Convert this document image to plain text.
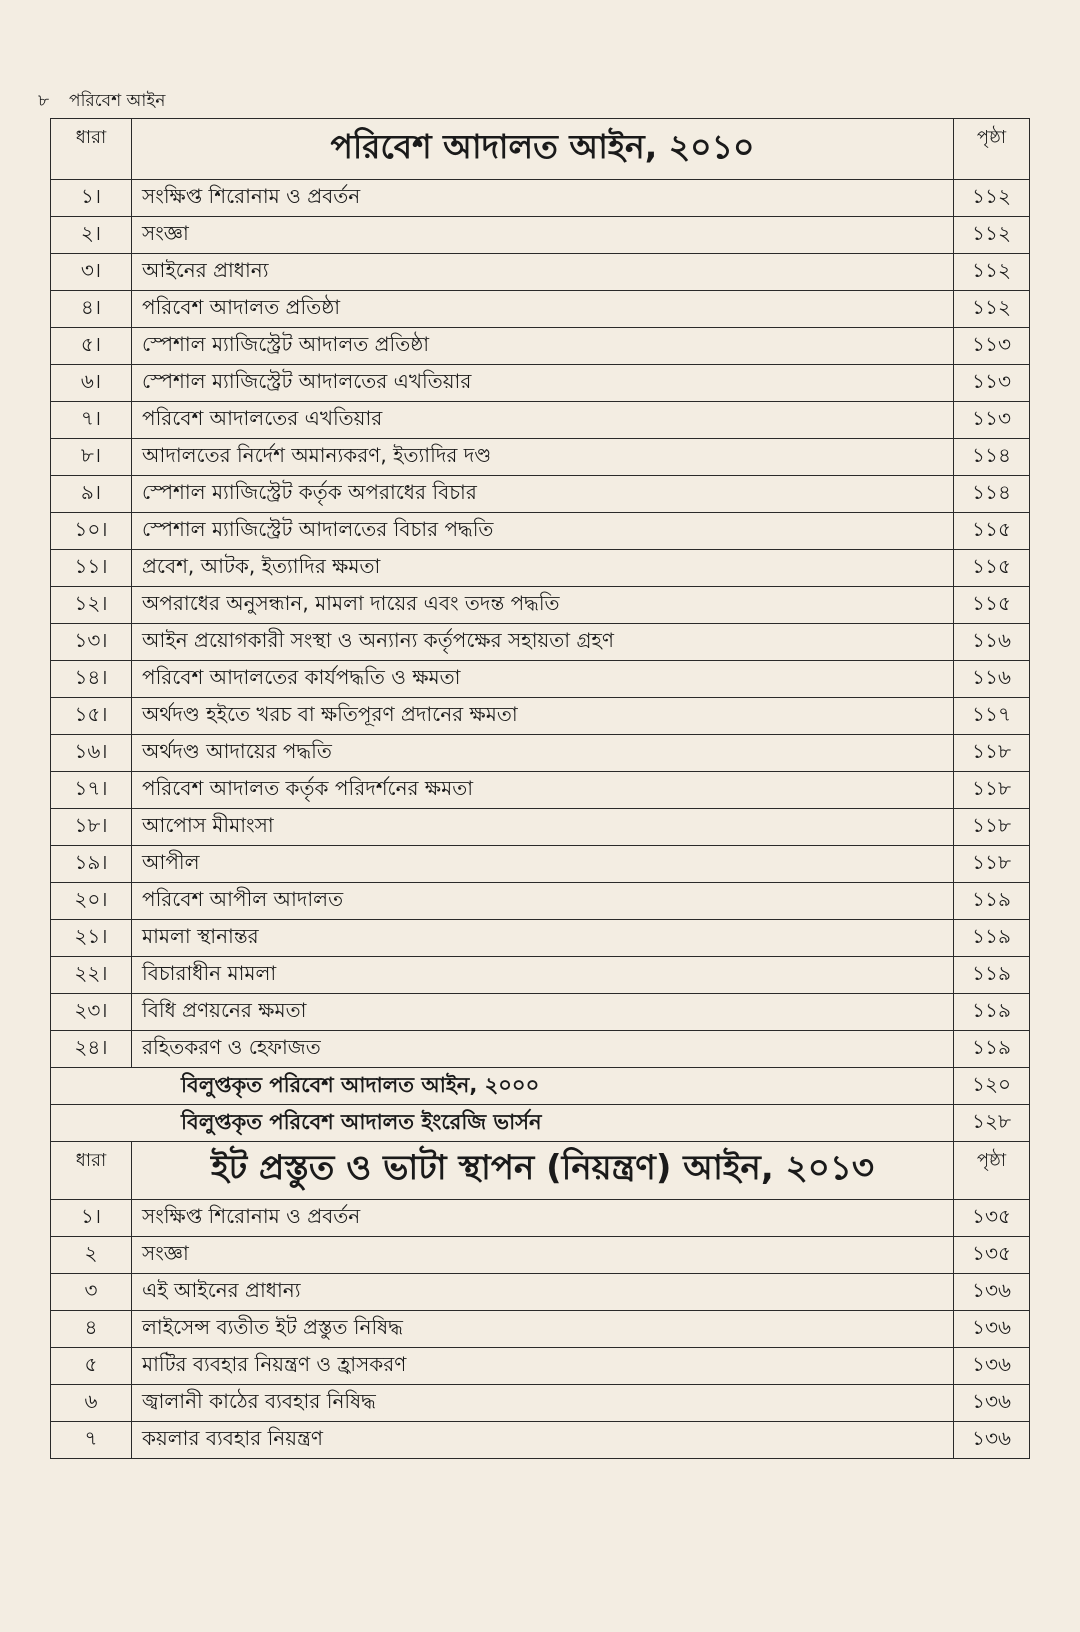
৮ পরিবেশ আইন
ধারা	পরিবেশ আদালত আইন, ২০১০	পৃষ্ঠা
১।	সংক্ষিপ্ত শিরোনাম ও প্রবর্তন	১১২
২।	সংজ্ঞা	১১২
৩।	আইনের প্রাধান্য	১১২
৪।	পরিবেশ আদালত প্রতিষ্ঠা	১১২
৫।	স্পেশাল ম্যাজিস্ট্রেট আদালত প্রতিষ্ঠা	১১৩
৬।	স্পেশাল ম্যাজিস্ট্রেট আদালতের এখতিয়ার	১১৩
৭।	পরিবেশ আদালতের এখতিয়ার	১১৩
৮।	আদালতের নির্দেশ অমান্যকরণ, ইত্যাদির দণ্ড	১১৪
৯।	স্পেশাল ম্যাজিস্ট্রেট কর্তৃক অপরাধের বিচার	১১৪
১০।	স্পেশাল ম্যাজিস্ট্রেট আদালতের বিচার পদ্ধতি	১১৫
১১।	প্রবেশ, আটক, ইত্যাদির ক্ষমতা	১১৫
১২।	অপরাধের অনুসন্ধান, মামলা দায়ের এবং তদন্ত পদ্ধতি	১১৫
১৩।	আইন প্রয়োগকারী সংস্থা ও অন্যান্য কর্তৃপক্ষের সহায়তা গ্রহণ	১১৬
১৪।	পরিবেশ আদালতের কার্যপদ্ধতি ও ক্ষমতা	১১৬
১৫।	অর্থদণ্ড হইতে খরচ বা ক্ষতিপূরণ প্রদানের ক্ষমতা	১১৭
১৬।	অর্থদণ্ড আদায়ের পদ্ধতি	১১৮
১৭।	পরিবেশ আদালত কর্তৃক পরিদর্শনের ক্ষমতা	১১৮
১৮।	আপোস মীমাংসা	১১৮
১৯।	আপীল	১১৮
২০।	পরিবেশ আপীল আদালত	১১৯
২১।	মামলা স্থানান্তর	১১৯
২২।	বিচারাধীন মামলা	১১৯
২৩।	বিধি প্রণয়নের ক্ষমতা	১১৯
২৪।	রহিতকরণ ও হেফাজত	১১৯
বিলুপ্তকৃত পরিবেশ আদালত আইন, ২০০০		১২০
বিলুপ্তকৃত পরিবেশ আদালত ইংরেজি ভার্সন		১২৮
ধারা	ইট প্রস্তুত ও ভাটা স্থাপন (নিয়ন্ত্রণ) আইন, ২০১৩	পৃষ্ঠা
১।	সংক্ষিপ্ত শিরোনাম ও প্রবর্তন	১৩৫
২	সংজ্ঞা	১৩৫
৩	এই আইনের প্রাধান্য	১৩৬
৪	লাইসেন্স ব্যতীত ইট প্রস্তুত নিষিদ্ধ	১৩৬
৫	মাটির ব্যবহার নিয়ন্ত্রণ ও হ্রাসকরণ	১৩৬
৬	জ্বালানী কাঠের ব্যবহার নিষিদ্ধ	১৩৬
৭	কয়লার ব্যবহার নিয়ন্ত্রণ	১৩৬
